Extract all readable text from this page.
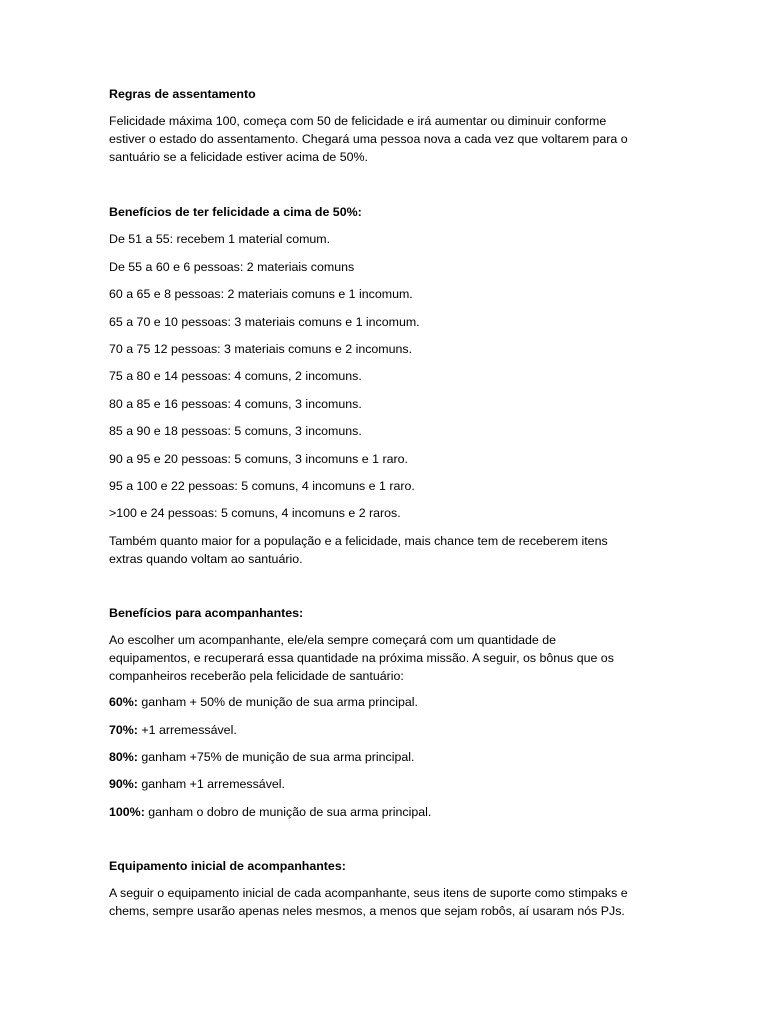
Regras de assentamento
Felicidade máxima 100, começa com 50 de felicidade e irá aumentar ou diminuir conforme
estiver o estado do assentamento. Chegará uma pessoa nova a cada vez que voltarem para o
santuário se a felicidade estiver acima de 50%.
Benefícios de ter felicidade a cima de 50%:
De 51 a 55: recebem 1 material comum.
De 55 a 60 e 6 pessoas: 2 materiais comuns
60 a 65 e 8 pessoas: 2 materiais comuns e 1 incomum.
65 a 70 e 10 pessoas: 3 materiais comuns e 1 incomum.
70 a 75 12 pessoas: 3 materiais comuns e 2 incomuns.
75 a 80 e 14 pessoas: 4 comuns, 2 incomuns.
80 a 85 e 16 pessoas: 4 comuns, 3 incomuns.
85 a 90 e 18 pessoas: 5 comuns, 3 incomuns.
90 a 95 e 20 pessoas: 5 comuns, 3 incomuns e 1 raro.
95 a 100 e 22 pessoas: 5 comuns, 4 incomuns e 1 raro.
>100 e 24 pessoas: 5 comuns, 4 incomuns e 2 raros.
Também quanto maior for a população e a felicidade, mais chance tem de receberem itens
extras quando voltam ao santuário.
Benefícios para acompanhantes:
Ao escolher um acompanhante, ele/ela sempre começará com um quantidade de
equipamentos, e recuperará essa quantidade na próxima missão. A seguir, os bônus que os
companheiros receberão pela felicidade de santuário:
60%: ganham + 50% de munição de sua arma principal.
70%: +1 arremessável.
80%: ganham +75% de munição de sua arma principal.
90%: ganham +1 arremessável.
100%: ganham o dobro de munição de sua arma principal.
Equipamento inicial de acompanhantes:
A seguir o equipamento inicial de cada acompanhante, seus itens de suporte como stimpaks e
chems, sempre usarão apenas neles mesmos, a menos que sejam robôs, aí usaram nós PJs.
